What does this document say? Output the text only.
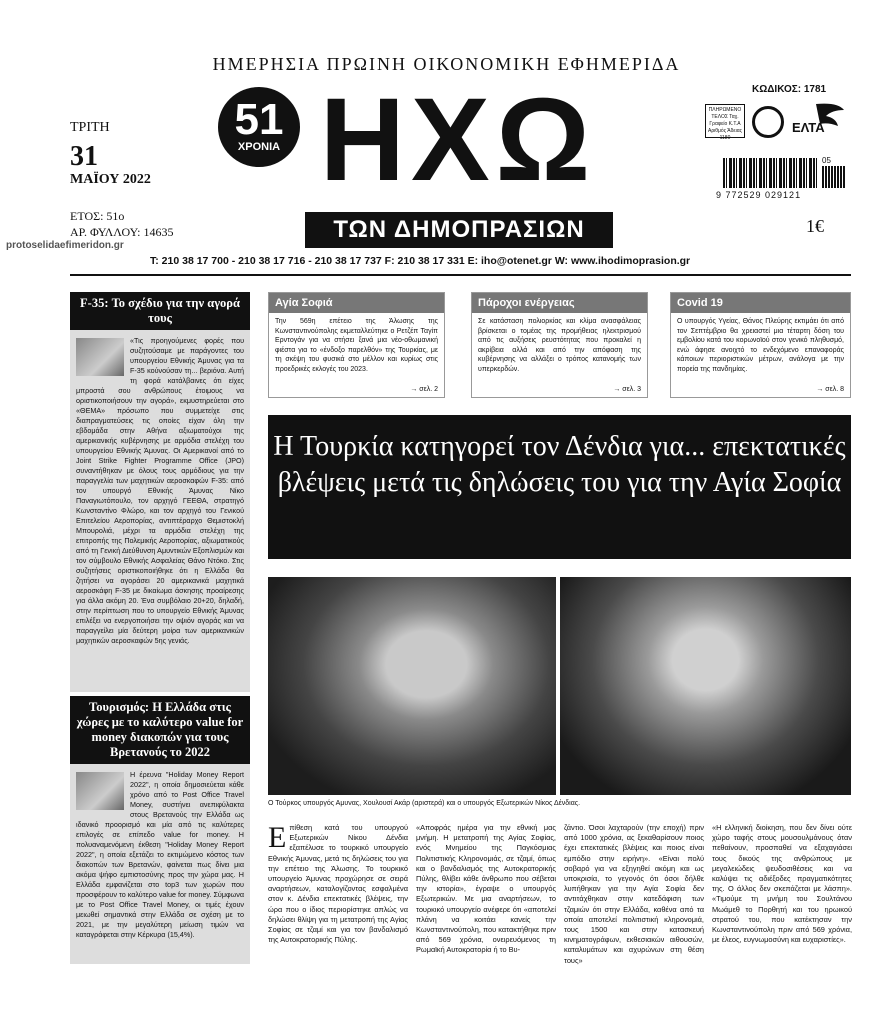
ΗΜΕΡΗΣΙΑ ΠΡΩΙΝΗ ΟΙΚΟΝΟΜΙΚΗ ΕΦΗΜΕΡΙΔΑ
51
ΧΡΟΝΙΑ ΗΧΩ
ΤΩΝ ΔΗΜΟΠΡΑΣΙΩΝ
ΤΡΙΤΗ
31
ΜΑΪΟΥ 2022
ΕΤΟΣ: 51ο
ΑΡ. ΦΥΛΛΟΥ: 14635
protoselidaefimeridon.gr
ΚΩΔΙΚΟΣ: 1781
ΠΛΗΡΩΜΕΝΟ ΤΕΛΟΣ Ταχ. Γραφείο Κ.Τ.Α Αριθμός Άδειας 1180
ΕΛΤΑ
05
9 772529 029121
1€
T: 210 38 17 700 - 210 38 17 716 - 210 38 17 737 F: 210 38 17 331 E: iho@otenet.gr W: www.ihodimoprasion.gr
F-35: Το σχέδιο για την αγορά τους
«Τις προηγούμενες φορές που συζητούσαμε με παράγοντες του υπουργείου Εθνικής Άμυνας για τα F-35 κούνούσαν τη... βεριόνα. Αυτή τη φορά κατάλβαινες ότι είχες μπροστά σου ανθρώπους έτοιμους να οριστικοποιήσουν την αγορά», εκμυστηρεύεται στο «ΘΕΜΑ» πρόσωπο που συμμετείχε στις διαπραγματεύσεις τις οποίες είχαν όλη την εβδομάδα στην Αθήνα αξιωματούχοι της αμερικανικής κυβέρνησης με αρμόδια στελέχη του υπουργείου Εθνικής Άμυνας. Οι Αμερικανοί από το Joint Strike Fighter Programme Office (JPO) συναντήθηκαν με όλους τους αρμόδιους για την παραγγελία των μαχητικών αεροσκαφών F-35: από τον υπουργό Εθνικής Άμυνας Νίκο Παναγιωτόπουλο, τον αρχηγό ΓΕΕΘΑ, στρατηγό Κωνσταντίνο Φλώρο, και τον αρχηγό του Γενικού Επιτελείου Αεροπορίας, αντιπτέραρχο Θεμιστοκλή Μπουρολιά, μέχρι τα αρμόδια στελέχη της επιτροπής της Πολεμικής Αεροπορίας, αξιωματικούς από τη Γενική Διεύθυνση Αμυντικών Εξοπλισμών και τον σύμβουλο Εθνικής Ασφαλείας Θάνο Ντόκο. Στις συζητήσεις οριστικοποιήθηκε ότι η Ελλάδα θα ζητήσει να αγοράσει 20 αμερικανικά μαχητικά αεροσκάφη F-35 με δικαίωμα άσκησης προαίρεσης για άλλα ακόμη 20. Ένα συμβόλαιο 20+20, δηλαδή, στην περίπτωση που το υπουργείο Εθνικής Άμυνας επιλέξει να ενεργοποιήσει την οψιόν αγοράς και να παραγγείλει μία δεύτερη μοίρα των αμερικανικών μαχητικών αεροσκαφών 5ης γενιάς.
Τουρισμός: Η Ελλάδα στις χώρες με το καλύτερο value for money διακοπών για τους Βρετανούς το 2022
Η έρευνα "Holiday Money Report 2022", η οποία δημοσιεύεται κάθε χρόνο από το Post Office Travel Money, συστήνει ανεπιφύλακτα στους Βρετανούς την Ελλάδα ως ιδανικό προορισμό και μία από τις καλύτερες επιλογές σε επίπεδο value for money. Η πολυαναμενόμενη έκθεση "Holiday Money Report 2022", η οποία εξετάζει το εκτιμώμενο κόστος των διακοπών των Βρετανών, φαίνεται πως δίνει μια ακόμα ψήφο εμπιστοσύνης προς την χώρα μας. Η Ελλάδα εμφανίζεται στο top3 των χωρών που προσφέρουν το καλύτερο value for money. Σύμφωνα με το Post Office Travel Money, οι τιμές έχουν μειωθεί σημαντικά στην Ελλάδα σε σχέση με το 2021, με την μεγαλύτερη μείωση τιμών να καταγράφεται στην Κέρκυρα (15,4%).
Αγία Σοφιά
Την 569η επέτειο της Άλωσης της Κωνσταντινούπολης εκμεταλλεύτηκε ο Ρετζέπ Ταγίπ Ερντογάν για να στήσει ξανά μια νέο-οθωμανική φιέστα για το «ένδοξο παρελθόν» της Τουρκίας, με τη σκέψη του φυσικά στο μέλλον και κυρίως στις προεδρικές εκλογές του 2023.
→ σελ. 2
Πάροχοι ενέργειας
Σε κατάσταση πολιορκίας και κλίμα ανασφάλειας βρίσκεται ο τομέας της προμήθειας ηλεκτρισμού από τις αυξήσεις ρευστότητας που προκαλεί η ακρίβεια αλλά και από την απόφαση της κυβέρνησης να αλλάξει ο τρόπος κατανομής των υπερκερδών.
→ σελ. 3
Covid 19
Ο υπουργός Υγείας, Θάνος Πλεύρης εκτιμάει ότι από τον Σεπτέμβριο θα χρειαστεί μια τέταρτη δόση του εμβολίου κατά του κορωνοϊού στον γενικό πληθυσμό, ενώ άφησε ανοιχτό το ενδεχόμενο επαναφοράς κάποιων περιοριστικών μέτρων, ανάλογα με την πορεία της πανδημίας.
→ σελ. 8
Η Τουρκία κατηγορεί τον Δένδια για... επεκτατικές βλέψεις μετά τις δηλώσεις του για την Αγία Σοφία
Ο Τούρκος υπουργός Αμυνας, Χουλουσί Ακάρ (αριστερά) και ο υπουργός Εξωτερικών Νίκος Δένδιας.
Ε πίθεση κατά του υπουργού Εξωτερικών Νίκου Δένδια εξαπέλυσε το τουρκικό υπουργείο Εθνικής Άμυνας, μετά τις δηλώσεις του για την επέτειο της Άλωσης. Το τουρκικό υπουργείο Άμυνας προχώρησε σε σειρά αναρτήσεων, καταλογίζοντας εσφαλμένα στον κ. Δένδια επεκτατικές βλέψεις, την ώρα που ο ίδιος περιορίστηκε απλώς να δηλώσει θλίψη για τη μετατροπή της Αγίας Σοφίας σε τζαμί και για τον βανδαλισμό της Αυτοκρατορικής Πύλης.
«Αποφράς ημέρα για την εθνική μας μνήμη. Η μετατροπή της Αγίας Σοφίας, ενός Μνημείου της Παγκόσμιας Πολιτιστικής Κληρονομιάς, σε τζαμί, όπως και ο βανδαλισμός της Αυτοκρατορικής Πύλης, θλίβει κάθε άνθρωπο που σέβεται την ιστορία», έγραψε ο υπουργός Εξωτερικών. Με μια αναρτήσεων, το τουρκικό υπουργείο ανέφερε ότι «αποτελεί πλάνη να κοιτάει κανείς την Κωνσταντινούπολη, που κατακτήθηκε πριν από 569 χρόνια, ονειρευόμενος τη Ρωμαϊκή Αυτοκρατορία ή το Βυ-
ζάντιο. Όσοι λαχταρούν (την εποχή) πριν από 1000 χρόνια, ας ξεκαθαρίσουν ποιος έχει επεκτατικές βλέψεις και ποιος είναι εμπόδιο στην ειρήνη». «Είναι πολύ σοβαρό για να εξηγηθεί ακόμη και ως υποκρισία, το γεγονός ότι όσοι δήλθε λυπήθηκαν για την Αγία Σοφία δεν αντιτάχθηκαν στην κατεδάφιση των τζαμιών ότι στην Ελλάδα, καθένα από τα οποία αποτελεί πολιτιστική κληρονομιά, τους 1500 και στην κατασκευή κινηματογράφων, εκθεσιακών αιθουσών, καταλυμάτων και αχυρώνων στη θέση τους»
«Η ελληνική διοίκηση, που δεν δίνει ούτε χώρο ταφής στους μουσουλμάνους όταν πεθαίνουν, προσπαθεί να εξαχαγιάσει τους δικούς της ανθρώπους με μεγαλειώδεις ψευδοσιθέσεις και να καλύψει τις αδιέξοδες πραγματικότητες της. Ο άλλος δεν σκεπάζεται με λάσπη». «Τιμούμε τη μνήμη του Σουλτάνου Μωάμεθ το Πορθητή και του ηρωικού στρατού του, που κατέκτησαν την Κωνσταντινούπολη πριν από 569 χρόνια, με έλεος, ευγνωμοσύνη και ευχαριστίες».
